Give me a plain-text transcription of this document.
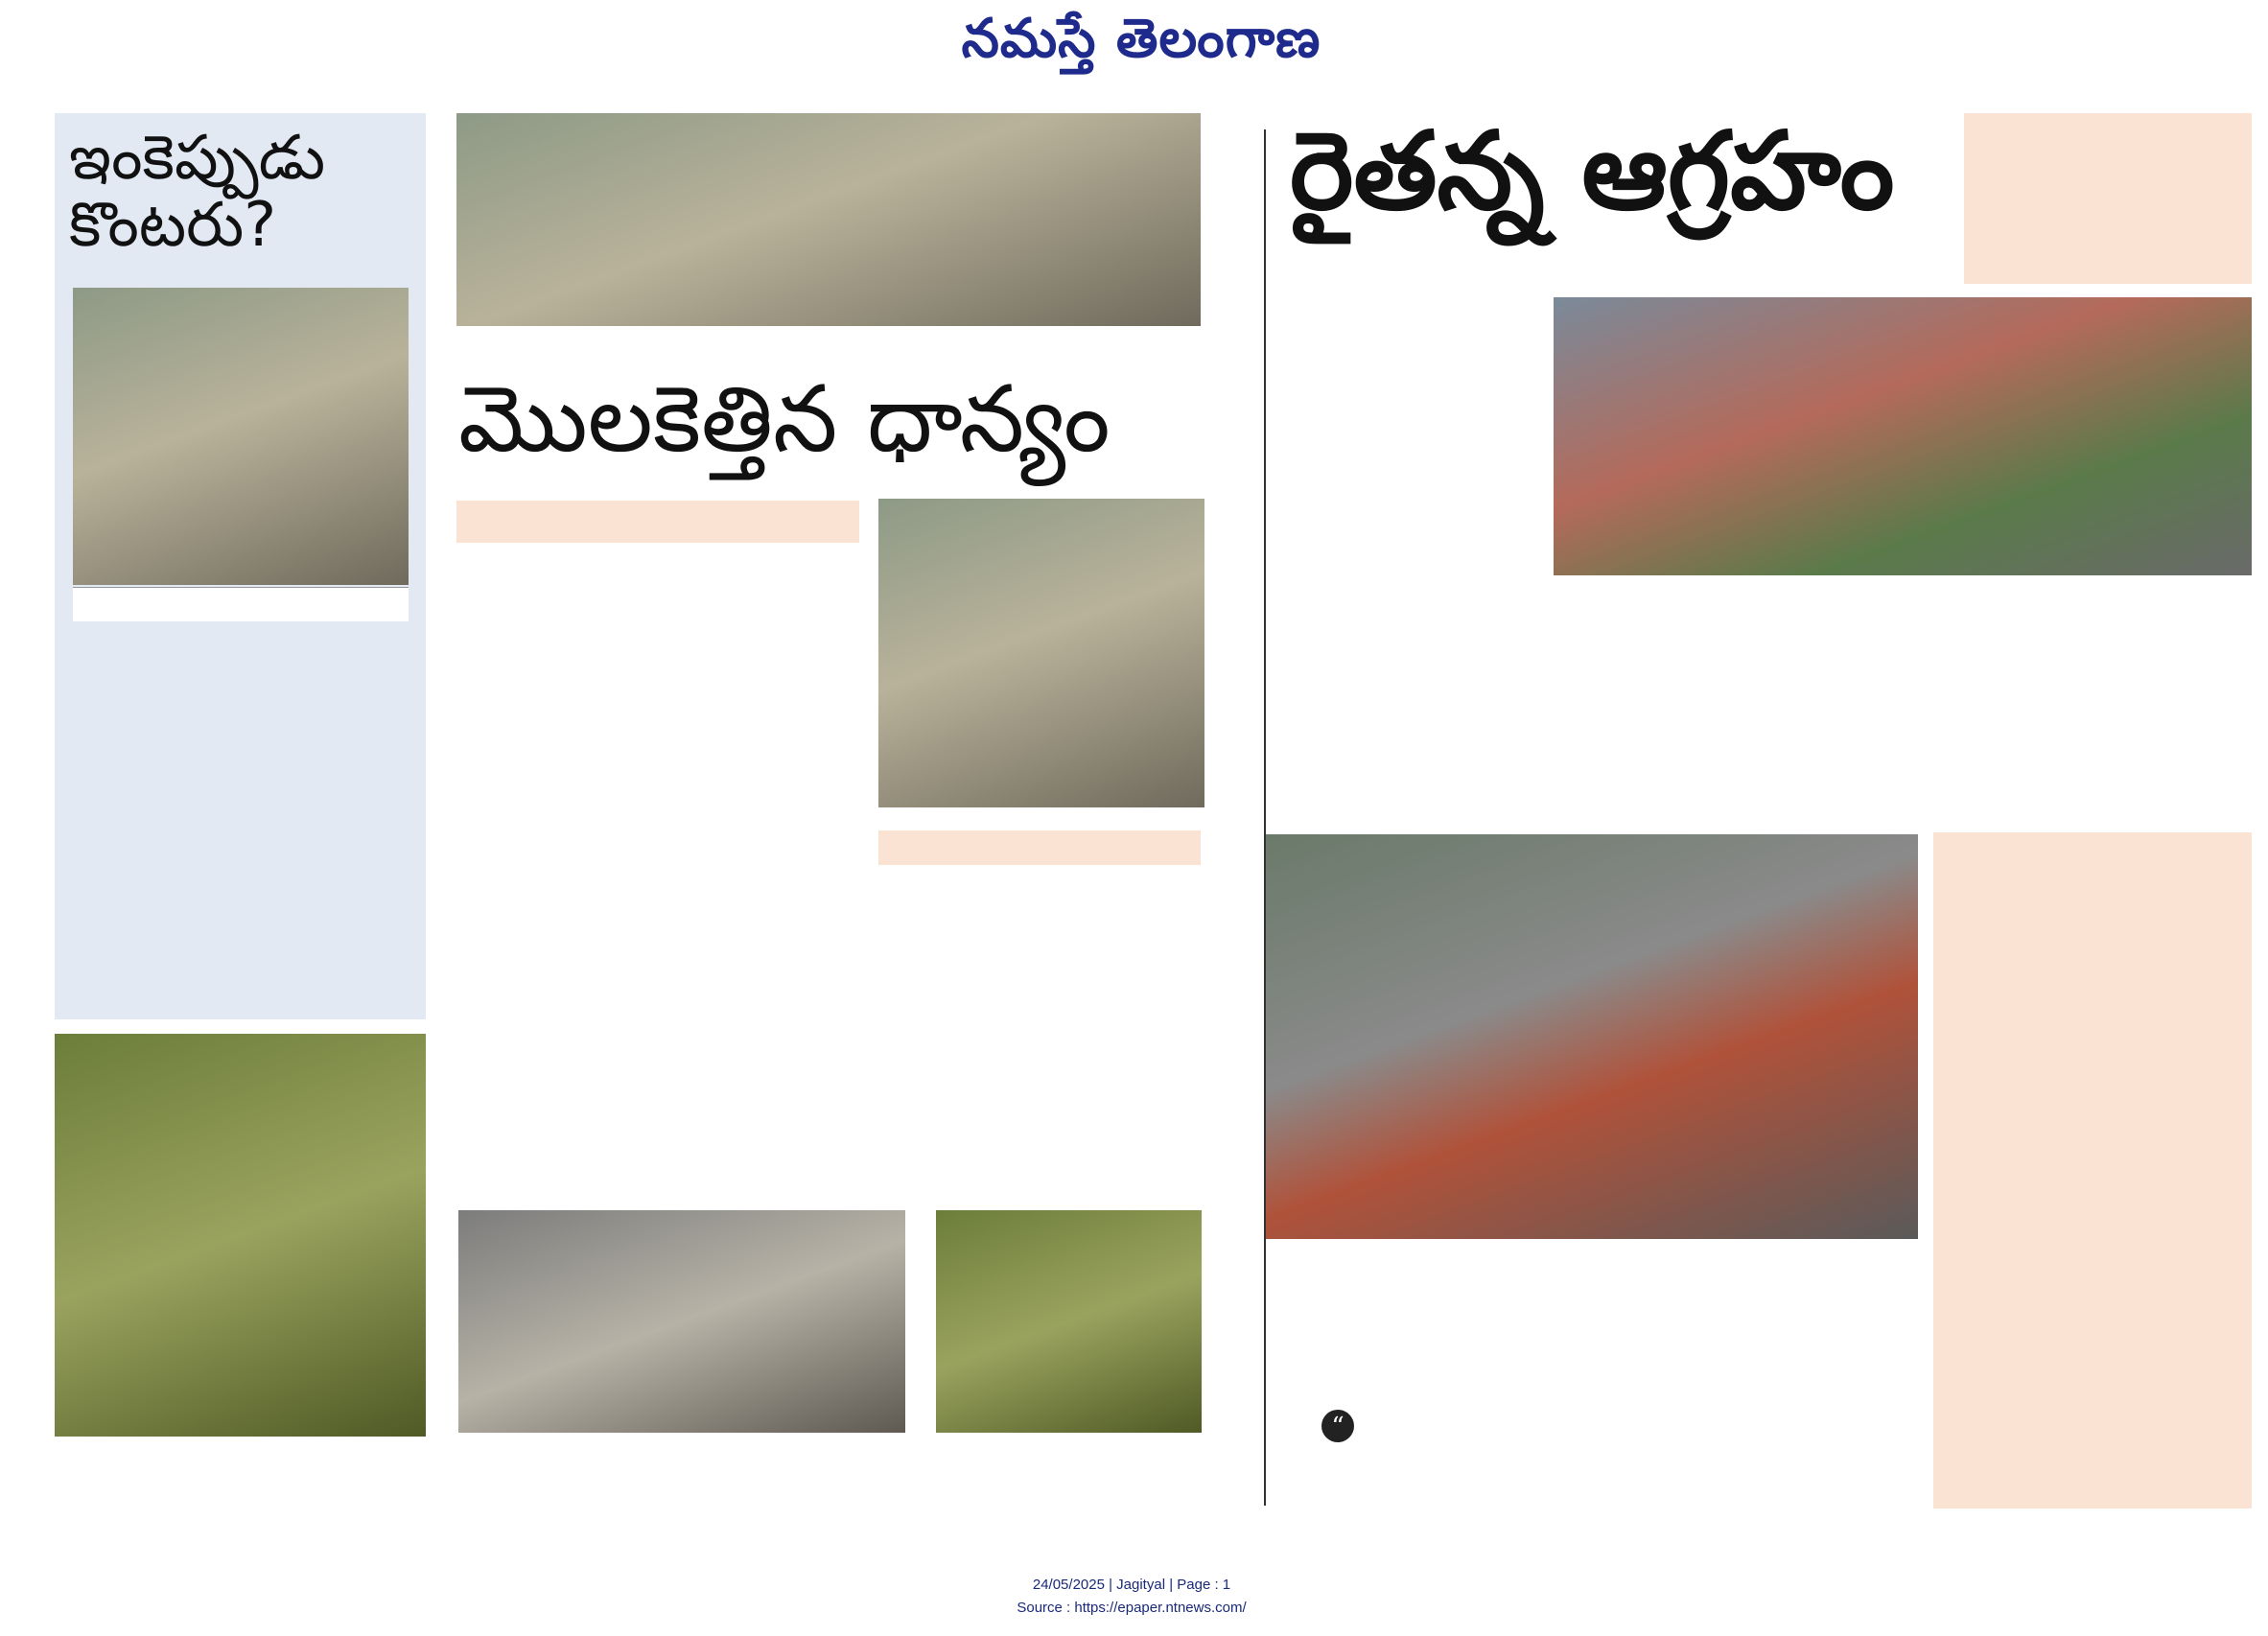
నమస్తే తెలంగాణ
ఇంకెప్పుడు కొంటరు?
మొలకెత్తిన ధాన్యం
రైతన్న ఆగ్రహం
“
24/05/2025 | Jagityal | Page : 1
Source : https://epaper.ntnews.com/
